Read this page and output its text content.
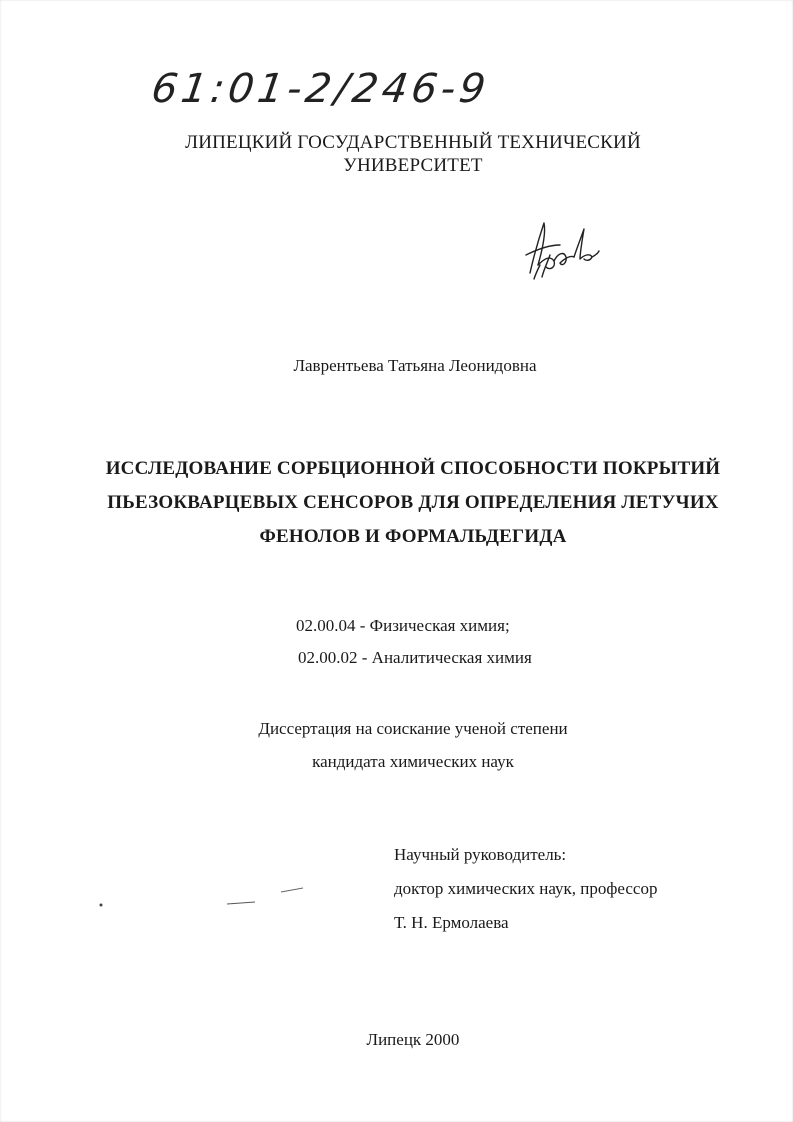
61:01-2/246-9
ЛИПЕЦКИЙ ГОСУДАРСТВЕННЫЙ ТЕХНИЧЕСКИЙ
УНИВЕРСИТЕТ
Лаврентьева Татьяна Леонидовна
ИССЛЕДОВАНИЕ СОРБЦИОННОЙ СПОСОБНОСТИ ПОКРЫТИЙ
ПЬЕЗОКВАРЦЕВЫХ СЕНСОРОВ ДЛЯ ОПРЕДЕЛЕНИЯ ЛЕТУЧИХ
ФЕНОЛОВ И ФОРМАЛЬДЕГИДА
02.00.04 - Физическая химия;
02.00.02 - Аналитическая химия
Диссертация на соискание ученой степени
кандидата химических наук
Научный руководитель:
доктор химических наук, профессор
Т. Н. Ермолаева
Липецк 2000
